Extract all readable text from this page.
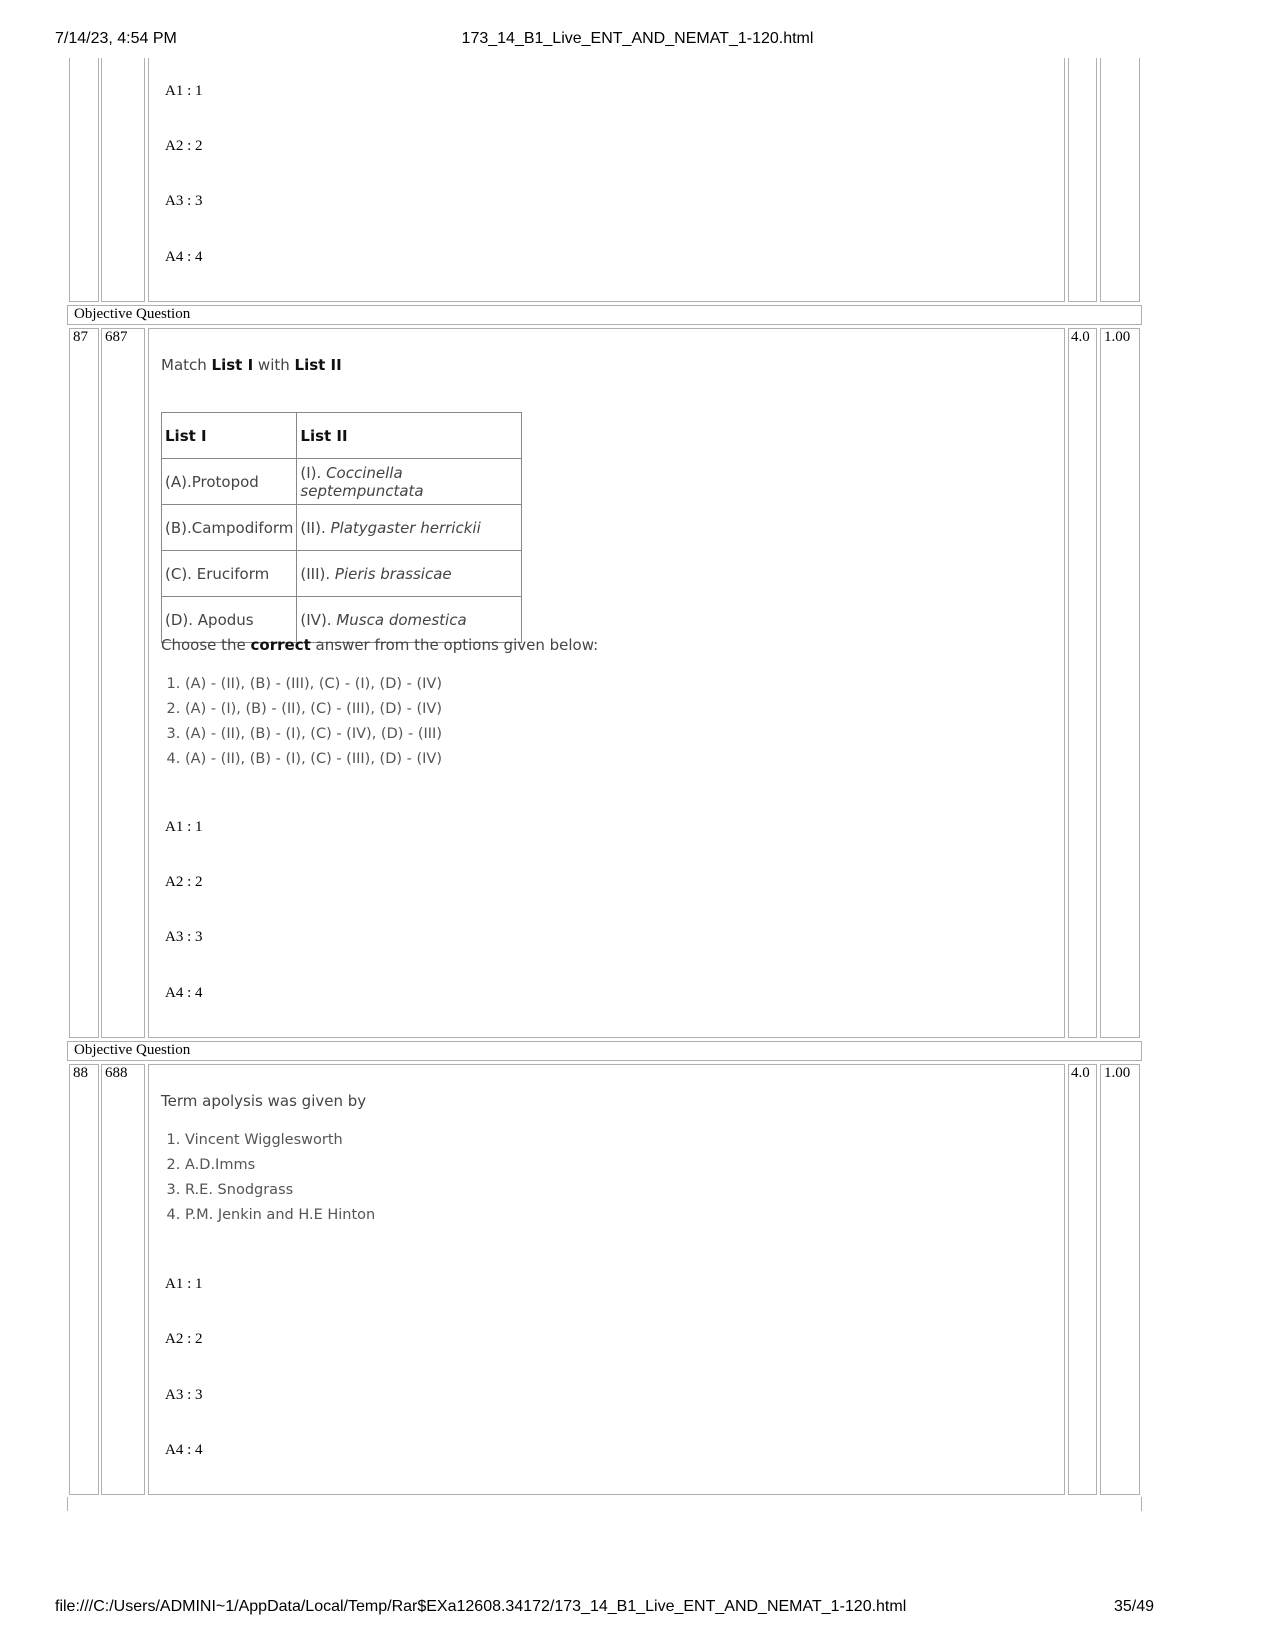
7/14/23, 4:54 PM	173_14_B1_Live_ENT_AND_NEMAT_1-120.html
A1 : 1
A2 : 2
A3 : 3
A4 : 4
Objective Question
87 687	4.0 1.00
Match List I with List II
List I	List II
(A).Protopod	(I). Coccinella septempunctata
(B).Campodiform	(II). Platygaster herrickii
(C). Eruciform	(III). Pieris brassicae
(D). Apodus	(IV). Musca domestica
Choose the correct answer from the options given below:
1. (A) - (II), (B) - (III), (C) - (I), (D) - (IV)
2. (A) - (I), (B) - (II), (C) - (III), (D) - (IV)
3. (A) - (II), (B) - (I), (C) - (IV), (D) - (III)
4. (A) - (II), (B) - (I), (C) - (III), (D) - (IV)
A1 : 1
A2 : 2
A3 : 3
A4 : 4
Objective Question
88 688	4.0 1.00
Term apolysis was given by
1. Vincent Wigglesworth
2. A.D.Imms
3. R.E. Snodgrass
4. P.M. Jenkin and H.E Hinton
A1 : 1
A2 : 2
A3 : 3
A4 : 4
file:///C:/Users/ADMINI~1/AppData/Local/Temp/Rar$EXa12608.34172/173_14_B1_Live_ENT_AND_NEMAT_1-120.html	35/49
